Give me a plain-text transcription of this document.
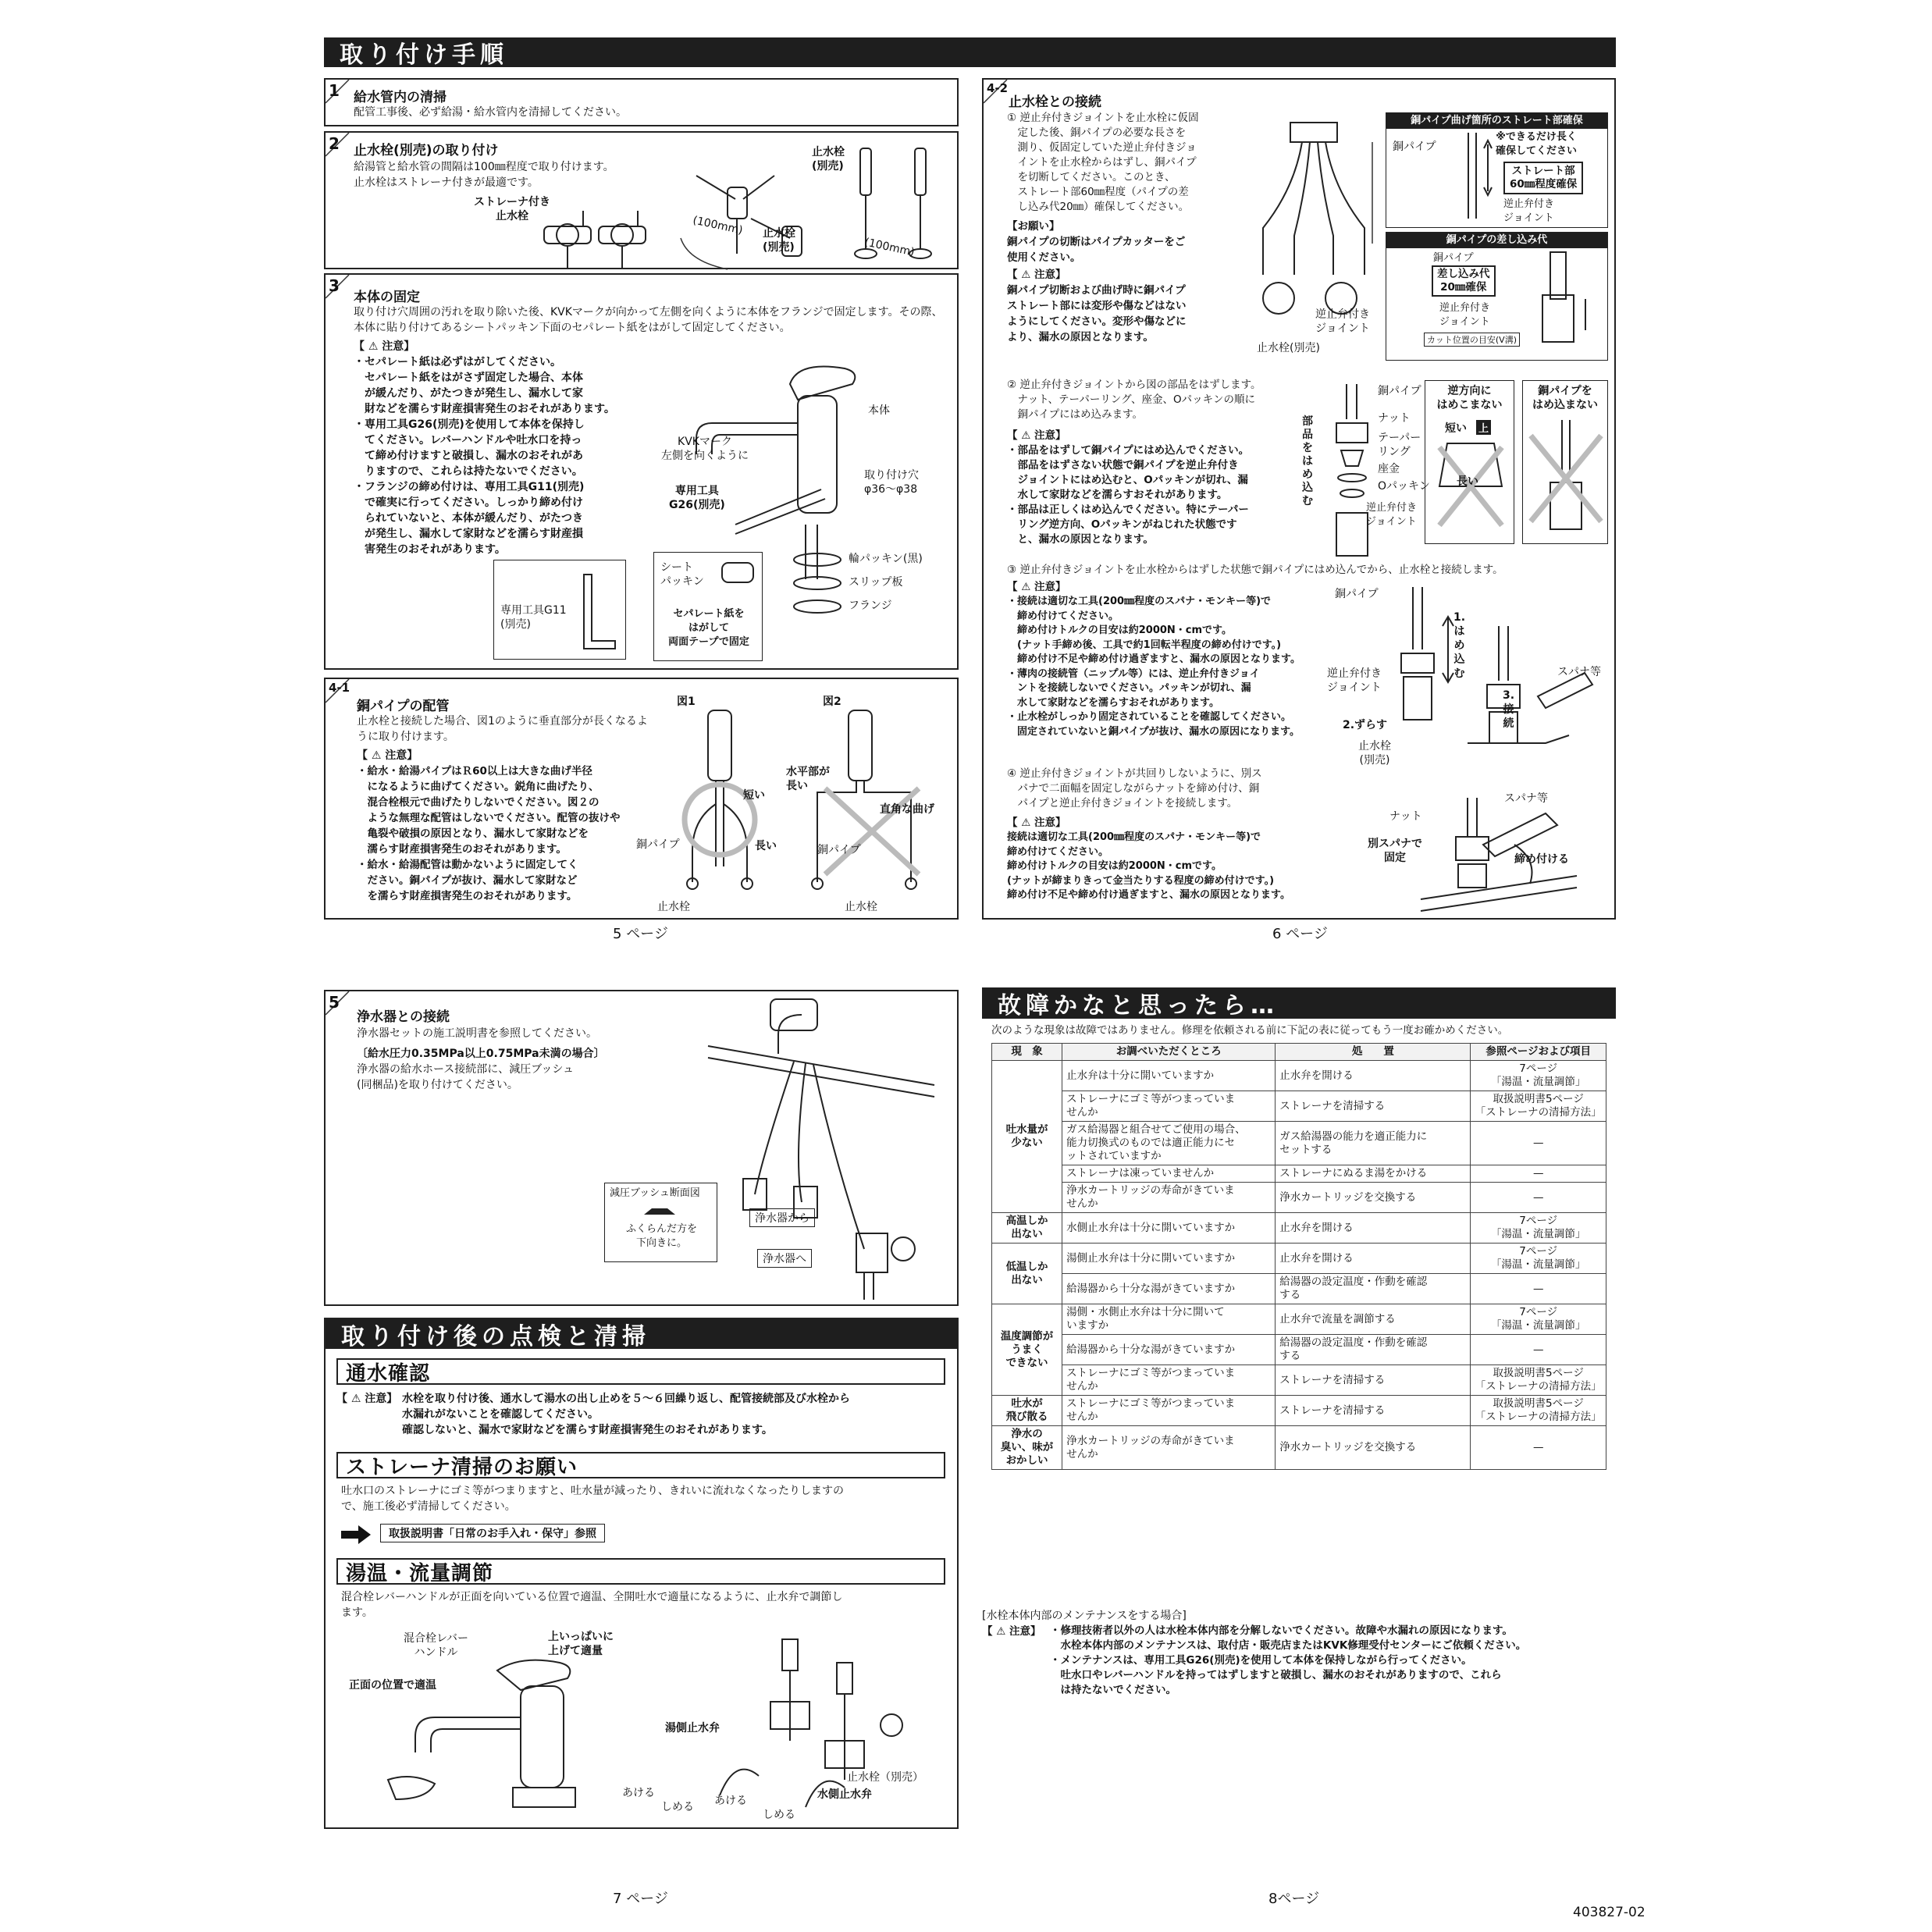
取り付け手順
1 給水管内の清掃
配管工事後、必ず給湯・給水管内を清掃してください。
2 止水栓(別売)の取り付け
給湯管と給水管の間隔は100㎜程度で取り付けます。
止水栓はストレーナ付きが最適です。
ストレーナ付き
止水栓	(100mm) 止水栓
(別売)
止水栓
(別売)
(100mm)
3
本体の固定
取り付け穴周囲の汚れを取り除いた後、KVKマークが向かって左側を向くように本体をフランジで固定します。その際、本体に貼り付けてあるシートパッキン下面のセパレート紙をはがして固定してください。
【 ⚠ 注意】
・セパレート紙は必ずはがしてください。
　セパレート紙をはがさず固定した場合、本体
　が緩んだり、がたつきが発生し、漏水して家
　財などを濡らす財産損害発生のおそれがあります。
・専用工具G26(別売)を使用して本体を保持し
　てください。レバーハンドルや吐水口を持っ
　て締め付けますと破損し、漏水のおそれがあ
　りますので、これらは持たないでください。
・フランジの締め付けは、専用工具G11(別売)
　で確実に行ってください。しっかり締め付け
　られていないと、本体が緩んだり、がたつき
　が発生し、漏水して家財などを濡らす財産損
　害発生のおそれがあります。
専用工具G11
(別売)
本体
KVKマーク
左側を向くように
専用工具
G26(別売)
取り付け穴
φ36〜φ38
輪パッキン(黒)
スリップ板
フランジ
シート
パッキン
セパレート紙を
はがして
両面テープで固定
4-1
銅パイプの配管
止水栓と接続した場合、図1のように垂直部分が長くなるように取り付けます。
【 ⚠ 注意】
・給水・給湯パイプはＲ60以上は大きな曲げ半径
　になるように曲げてください。鋭角に曲げたり、
　混合栓根元で曲げたりしないでください。図２の
　ような無理な配管はしないでください。配管の抜けや
　亀裂や破損の原因となり、漏水して家財などを
　濡らす財産損害発生のおそれがあります。
・給水・給湯配管は動かないように固定してく
　ださい。銅パイプが抜け、漏水して家財など
　を濡らす財産損害発生のおそれがあります。
図1	図2
短い
長い
銅パイプ
止水栓
水平部が
長い
直角な曲げ
銅パイプ
止水栓
5 ページ
4-2
止水栓との接続
① 逆止弁付きジョイントを止水栓に仮固
　定した後、銅パイプの必要な長さを
　測り、仮固定していた逆止弁付きジョ
　イントを止水栓からはずし、銅パイプ
　を切断してください。このとき、
　ストレート部60㎜程度（パイプの差
　し込み代20㎜）確保してください。
【お願い】
銅パイプの切断はパイプカッターをご
使用ください。
【 ⚠ 注意】
銅パイプ切断および曲げ時に銅パイプ
ストレート部には変形や傷などはない
ようにしてください。変形や傷などに
より、漏水の原因となります。
逆止弁付き
ジョイント
止水栓(別売)
銅パイプ曲げ箇所のストレート部確保
※できるだけ長く
確保してください
銅パイプ
ストレート部
60㎜程度確保
逆止弁付き
ジョイント
銅パイプの差し込み代
銅パイプ
差し込み代
20㎜確保
逆止弁付き
ジョイント
カット位置の目安(V溝)
② 逆止弁付きジョイントから図の部品をはずします。
　ナット、テーパーリング、座金、Oパッキンの順に
　銅パイプにはめ込みます。
【 ⚠ 注意】
・部品をはずして銅パイプにはめ込んでください。
　部品をはずさない状態で銅パイプを逆止弁付き
　ジョイントにはめ込むと、Oパッキンが切れ、漏
　水して家財などを濡らすおそれがあります。
・部品は正しくはめ込んでください。特にテーパー
　リング逆方向、Oパッキンがねじれた状態です
　と、漏水の原因となります。
部品をはめ込む
銅パイプ
ナット
テーパー
リング
座金
Oパッキン
逆止弁付き
ジョイント
逆方向に
はめこまない
短い 上
長い
銅パイプを
はめ込まない
③ 逆止弁付きジョイントを止水栓からはずした状態で銅パイプにはめ込んでから、止水栓と接続します。
【 ⚠ 注意】
・接続は適切な工具(200㎜程度のスパナ・モンキー等)で
　締め付けてください。
　締め付けトルクの目安は約2000N・cmです。
　(ナット手締め後、工具で約1回転半程度の締め付けです。)
　締め付け不足や締め付け過ぎますと、漏水の原因となります。
・薄肉の接続管（ニップル等）には、逆止弁付きジョイ
　ントを接続しないでください。パッキンが切れ、漏
　水して家財などを濡らすおそれがあります。
・止水栓がしっかり固定されていることを確認してください。
　固定されていないと銅パイプが抜け、漏水の原因になります。
銅パイプ
1.
は
め
込
む
逆止弁付き
ジョイント
2.ずらす
止水栓
(別売)
スパナ等
3.
接
続
④ 逆止弁付きジョイントが共回りしないように、別ス
　パナで二面幅を固定しながらナットを締め付け、銅
　パイプと逆止弁付きジョイントを接続します。
【 ⚠ 注意】
接続は適切な工具(200㎜程度のスパナ・モンキー等)で
締め付けてください。
締め付けトルクの目安は約2000N・cmです。
(ナットが締まりきって金当たりする程度の締め付けです。)
締め付け不足や締め付け過ぎますと、漏水の原因となります。
ナット
スパナ等
別スパナで
固定	締め付ける
6 ページ
5
浄水器との接続
浄水器セットの施工説明書を参照してください。
〔給水圧力0.35MPa以上0.75MPa未満の場合〕
浄水器の給水ホース接続部に、減圧ブッシュ
(同梱品)を取り付けてください。
減圧ブッシュ断面図
ふくらんだ方を
下向きに。
浄水器から
浄水器へ
取り付け後の点検と清掃
通水確認
【 ⚠ 注意】 水栓を取り付け後、通水して湯水の出し止めを５〜６回繰り返し、配管接続部及び水栓から
水漏れがないことを確認してください。
確認しないと、漏水で家財などを濡らす財産損害発生のおそれがあります。
ストレーナ清掃のお願い
吐水口のストレーナにゴミ等がつまりますと、吐水量が減ったり、きれいに流れなくなったりしますの
で、施工後必ず清掃してください。
取扱説明書「日常のお手入れ・保守」参照
湯温・流量調節
混合栓レバーハンドルが正面を向いている位置で適温、全開吐水で適量になるように、止水弁で調節し
ます。
混合栓レバー
ハンドル
上いっぱいに
上げて適量
正面の位置で適温
湯側止水弁
あける
しめる あける
しめる
止水栓（別売）
水側止水弁
7 ページ
故障かなと思ったら…
次のような現象は故障ではありません。修理を依頼される前に下記の表に従ってもう一度お確かめください。
現　象	お調べいただくところ	処　　置	参照ページおよび項目
吐水量が
少ない	止水弁は十分に開いていますか	止水弁を開ける	7ページ
「湯温・流量調節」
	ストレーナにゴミ等がつまっていま
せんか	ストレーナを清掃する	取扱説明書5ページ
「ストレーナの清掃方法」
	ガス給湯器と組合せてご使用の場合、
能力切換式のものでは適正能力にセ
ットされていますか	ガス給湯器の能力を適正能力に
セットする	—
	ストレーナは凍っていませんか	ストレーナにぬるま湯をかける	—
	浄水カートリッジの寿命がきていま
せんか	浄水カートリッジを交換する	—
高温しか
出ない	水側止水弁は十分に開いていますか	止水弁を開ける	7ページ
「湯温・流量調節」
低温しか
出ない	湯側止水弁は十分に開いていますか	止水弁を開ける	7ページ
「湯温・流量調節」
	給湯器から十分な湯がきていますか	給湯器の設定温度・作動を確認
する	—
温度調節が
うまく
できない	湯側・水側止水弁は十分に開いて
いますか	止水弁で流量を調節する	7ページ
「湯温・流量調節」
	給湯器から十分な湯がきていますか	給湯器の設定温度・作動を確認
する	—
	ストレーナにゴミ等がつまっていま
せんか	ストレーナを清掃する	取扱説明書5ページ
「ストレーナの清掃方法」
吐水が
飛び散る	ストレーナにゴミ等がつまっていま
せんか	ストレーナを清掃する	取扱説明書5ページ
「ストレーナの清掃方法」
浄水の
臭い、味が
おかしい	浄水カートリッジの寿命がきていま
せんか	浄水カートリッジを交換する	—
[水栓本体内部のメンテナンスをする場合]
【 ⚠ 注意】 ・修理技術者以外の人は水栓本体内部を分解しないでください。故障や水漏れの原因になります。
　水栓本体内部のメンテナンスは、取付店・販売店またはKVK修理受付センターにご依頼ください。
・メンテナンスは、専用工具G26(別売)を使用して本体を保持しながら行ってください。
　吐水口やレバーハンドルを持ってはずしますと破損し、漏水のおそれがありますので、これら
　は持たないでください。
8ページ
403827-02
